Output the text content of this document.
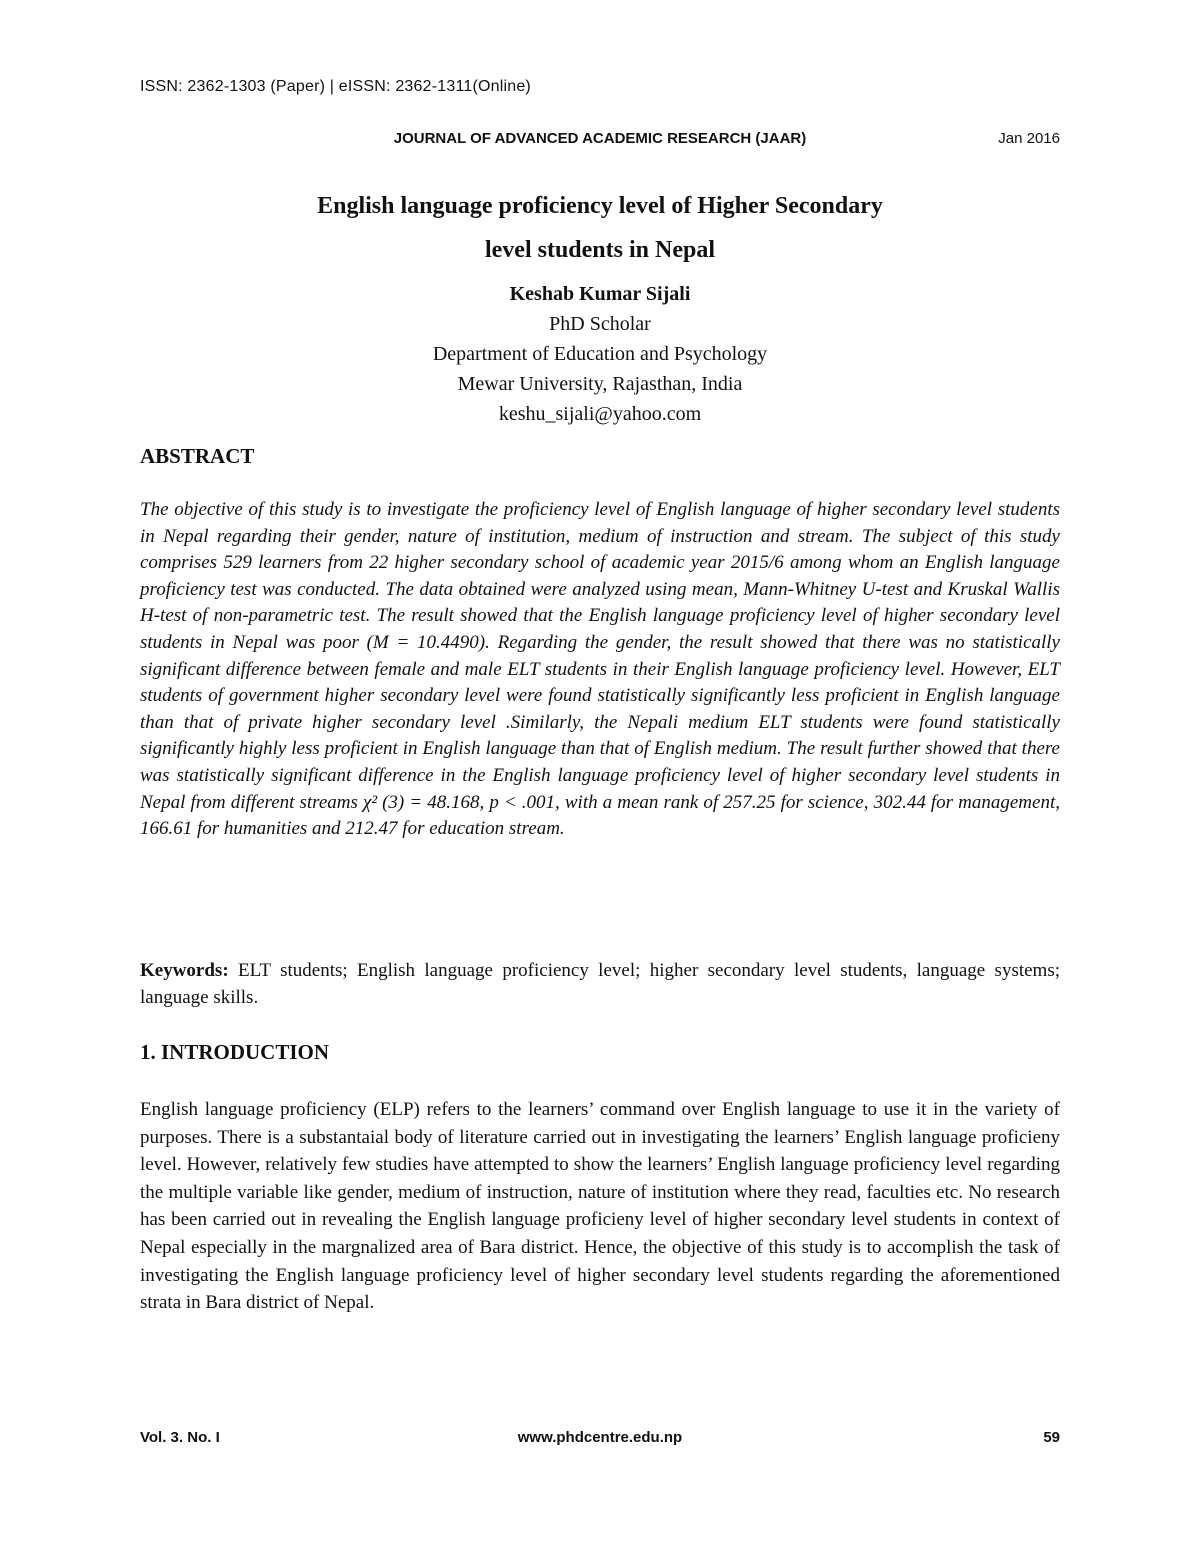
ISSN: 2362-1303 (Paper) | eISSN: 2362-1311(Online)
JOURNAL OF ADVANCED ACADEMIC RESEARCH (JAAR)	Jan 2016
English language proficiency level of Higher Secondary
level students in Nepal
Keshab Kumar Sijali
PhD Scholar
Department of Education and Psychology
Mewar University, Rajasthan, India
keshu_sijali@yahoo.com
ABSTRACT

The objective of this study is to investigate the proficiency level of English language of higher secondary level students in Nepal regarding their gender, nature of institution, medium of instruction and stream. The subject of this study comprises 529 learners from 22 higher secondary school of academic year 2015/6 among whom an English language proficiency test was conducted. The data obtained were analyzed using mean, Mann-Whitney U-test and Kruskal Wallis H-test of non-parametric test. The result showed that the English language proficiency level of higher secondary level students in Nepal was poor (M = 10.4490). Regarding the gender, the result showed that there was no statistically significant difference between female and male ELT students in their English language proficiency level. However, ELT students of government higher secondary level were found statistically significantly less proficient in English language than that of private higher secondary level .Similarly, the Nepali medium ELT students were found statistically significantly highly less proficient in English language than that of English medium. The result further showed that there was statistically significant difference in the English language proficiency level of higher secondary level students in Nepal from different streams χ² (3) = 48.168, p < .001, with a mean rank of 257.25 for science, 302.44 for management, 166.61 for humanities and 212.47 for education stream.

Keywords: ELT students; English language proficiency level; higher secondary level students, language systems; language skills.

1. INTRODUCTION

English language proficiency (ELP) refers to the learners’ command over English language to use it in the variety of purposes. There is a substantaial body of literature carried out in investigating the learners’ English language proficieny level. However, relatively few studies have attempted to show the learners’ English language proficiency level regarding the multiple variable like gender, medium of instruction, nature of institution where they read, faculties etc. No research has been carried out in revealing the English language proficieny level of higher secondary level students in context of Nepal especially in the margnalized area of Bara district. Hence, the objective of this study is to accomplish the task of investigating the English language proficiency level of higher secondary level students regarding the aforementioned strata in Bara district of Nepal.

Vol. 3. No. I	www.phdcentre.edu.np	59
